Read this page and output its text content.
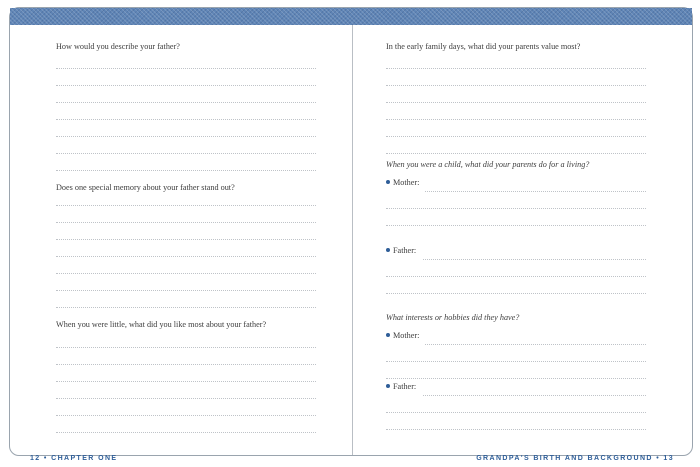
How would you describe your father?
Does one special memory about your father stand out?
When you were little, what did you like most about your father?
12 • CHAPTER ONE
In the early family days, what did your parents value most?
When you were a child, what did your parents do for a living?
Mother:
Father:
What interests or hobbies did they have?
Mother:
Father:
GRANDPA'S BIRTH AND BACKGROUND • 13
